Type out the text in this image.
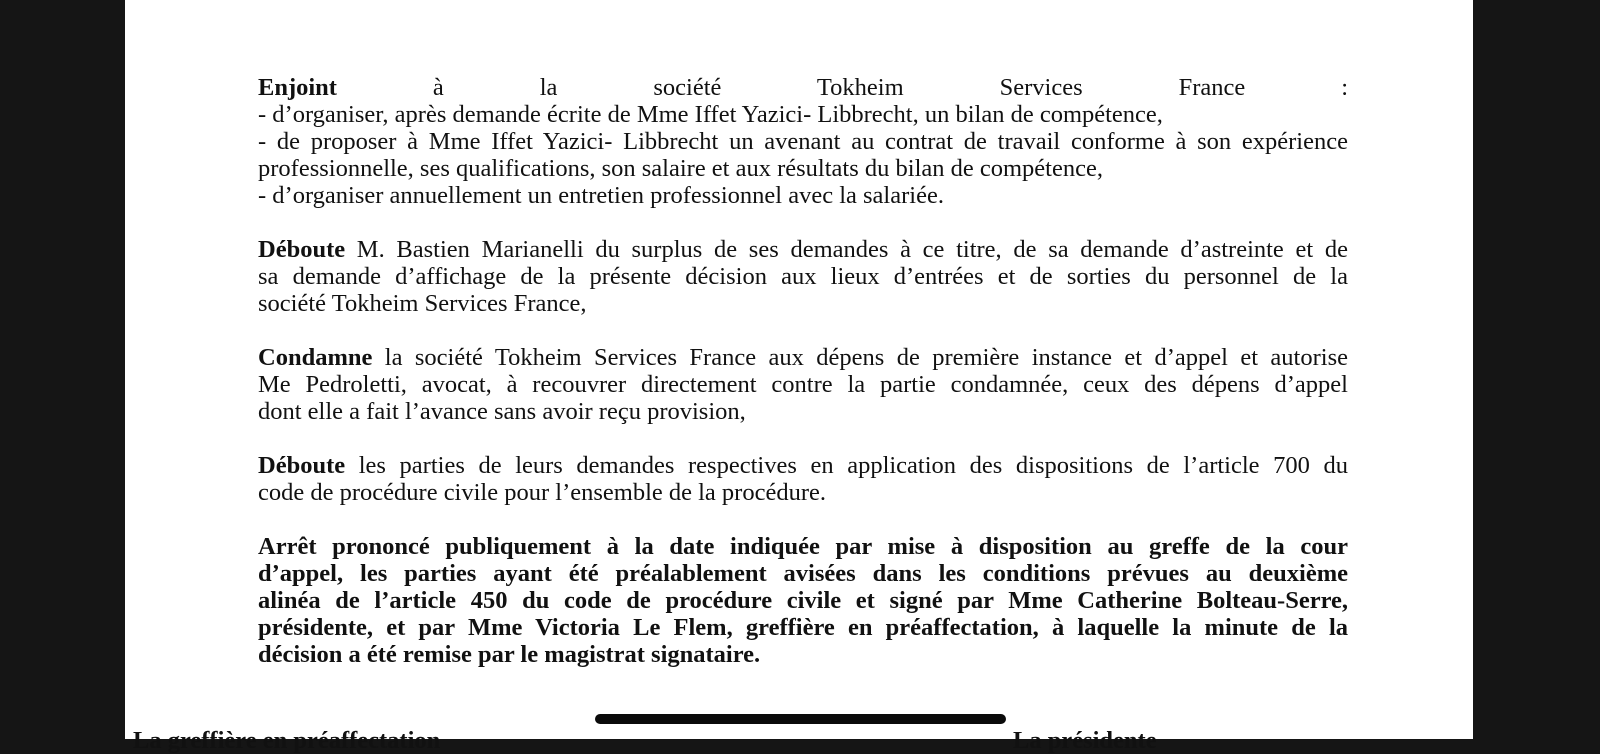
Enjoint à la société Tokheim Services France :
- d’organiser, après demande écrite de Mme Iffet Yazici- Libbrecht, un bilan de compétence,
- de proposer à Mme Iffet Yazici- Libbrecht un avenant au contrat de travail conforme à son expérience
professionnelle, ses qualifications, son salaire et aux résultats du bilan de compétence,
- d’organiser annuellement un entretien professionnel avec la salariée.

Déboute M. Bastien Marianelli du surplus de ses demandes à ce titre, de sa demande d’astreinte et de
sa demande d’affichage de la présente décision aux lieux d’entrées et de sorties du personnel de la
société Tokheim Services France,

Condamne la société Tokheim Services France aux dépens de première instance et d’appel et autorise
Me Pedroletti, avocat, à recouvrer directement contre la partie condamnée, ceux des dépens d’appel
dont elle a fait l’avance sans avoir reçu provision,

Déboute les parties de leurs demandes respectives en application des dispositions de l’article 700 du
code de procédure civile pour l’ensemble de la procédure.

Arrêt prononcé publiquement à la date indiquée par mise à disposition au greffe de la cour
d’appel, les parties ayant été préalablement avisées dans les conditions prévues au deuxième
alinéa de l’article 450 du code de procédure civile et signé par Mme Catherine Bolteau-Serre,
présidente, et par Mme Victoria Le Flem, greffière en préaffectation, à laquelle la minute de la
décision a été remise par le magistrat signataire.

La greffière en préaffectation	La présidente
